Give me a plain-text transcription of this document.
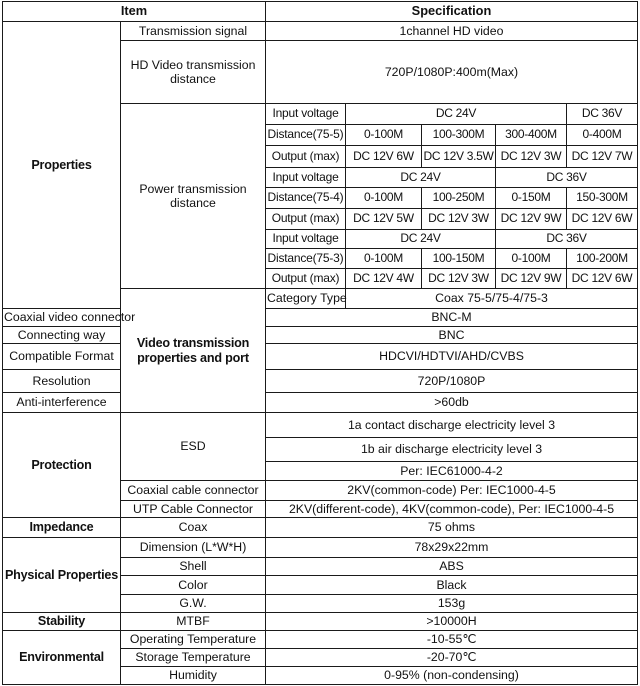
Item		Specification				
Properties	Transmission signal	1channel HD video				
	HD Video transmission distance	720P/1080P:400m(Max)				
	Power transmission distance	Input voltage	DC 24V			DC 36V
		Distance(75-5)	0-100M	100-300M	300-400M	0-400M
		Output (max)	DC 12V 6W	DC 12V 3.5W	DC 12V 3W	DC 12V 7W
		Input voltage	DC 24V		DC 36V	
		Distance(75-4)	0-100M	100-250M	0-150M	150-300M
		Output (max)	DC 12V 5W	DC 12V 3W	DC 12V 9W	DC 12V 6W
		Input voltage	DC 24V		DC 36V	
		Distance(75-3)	0-100M	100-150M	0-100M	100-200M
		Output (max)	DC 12V 4W	DC 12V 3W	DC 12V 9W	DC 12V 6W
	Video transmission properties and port	Category Type	Coax 75-5/75-4/75-3			
Coaxial video connector		BNC-M				
Connecting way		BNC				
Compatible Format		HDCVI/HDTVI/AHD/CVBS				
Resolution		720P/1080P				
Anti-interference		>60db				
Protection	ESD	1a contact discharge electricity level 3				
		1b air discharge electricity level 3				
		Per: IEC61000-4-2				
	Coaxial cable connector	2KV(common-code) Per: IEC1000-4-5				
	UTP Cable Connector	2KV(different-code), 4KV(common-code), Per: IEC1000-4-5				
Impedance	Coax	75 ohms				
Physical Properties	Dimension (L*W*H)	78x29x22mm				
	Shell	ABS				
	Color	Black				
	G.W.	153g				
Stability	MTBF	>10000H				
Environmental	Operating Temperature	-10-55℃				
	Storage Temperature	-20-70℃				
	Humidity	0-95% (non-condensing)				
